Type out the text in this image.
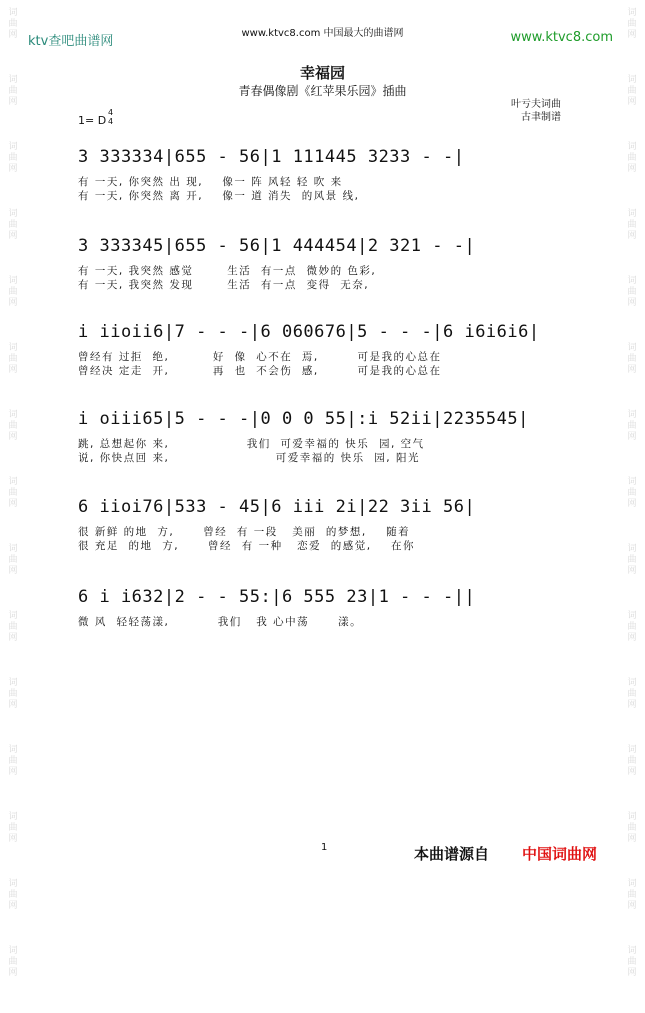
词
曲
网
词
曲
网
词
曲
网
词
曲
网
词
曲
网
词
曲
网
词
曲
网
词
曲
网
词
曲
网
词
曲
网
词
曲
网
词
曲
网
词
曲
网
词
曲
网
词
曲
网
词
曲
网
词
曲
网
词
曲
网
词
曲
网
词
曲
网
词
曲
网
词
曲
网
词
曲
网
词
曲
网
词
曲
网
词
曲
网
词
曲
网
词
曲
网
词
曲
网
词
曲
网
ktv查吧曲谱网
www.ktvc8.com 中国最大的曲谱网	www.ktvc8.com
幸福园
青春偶像剧《红苹果乐园》插曲
叶亏夫词曲
古聿制谱
1= D
4
4
3 333334|655 - 56|1 111445 3233 - -|
有 一天, 你突然 出 现,    像一 阵 风轻 轻 吹 来
有 一天, 你突然 离 开,    像一 道 消失  的风景 线,
3 333345|655 - 56|1 444454|2 321 - -|
有 一天, 我突然 感觉       生活  有一点  微妙的 色彩,
有 一天, 我突然 发现       生活  有一点  变得  无奈,
i iioii6|7 - - -|6 060676|5 - - -|6 i6i6i6|
曾经有 过拒  绝,         好  像  心不在  焉,        可是我的心总在
曾经决 定走  开,         再  也  不会伤  感,        可是我的心总在
i oiii65|5 - - -|0 0 0 55|:i 52ii|2235545|
跳, 总想起你 来,                我们  可爱幸福的 快乐  园, 空气
说, 你快点回 来,                      可爱幸福的 快乐  园, 阳光
6 iioi76|533 - 45|6 iii 2i|22 3ii 56|
很 新鲜 的地  方,      曾经  有 一段   美丽  的梦想,    随着
很 充足  的地  方,      曾经  有 一种   恋爱  的感觉,    在你
6 i i632|2 - - 55:|6 555 23|1 - - -||
微 风  轻轻荡漾,          我们   我 心中荡      漾。
1	本曲谱源自 中国词曲网
